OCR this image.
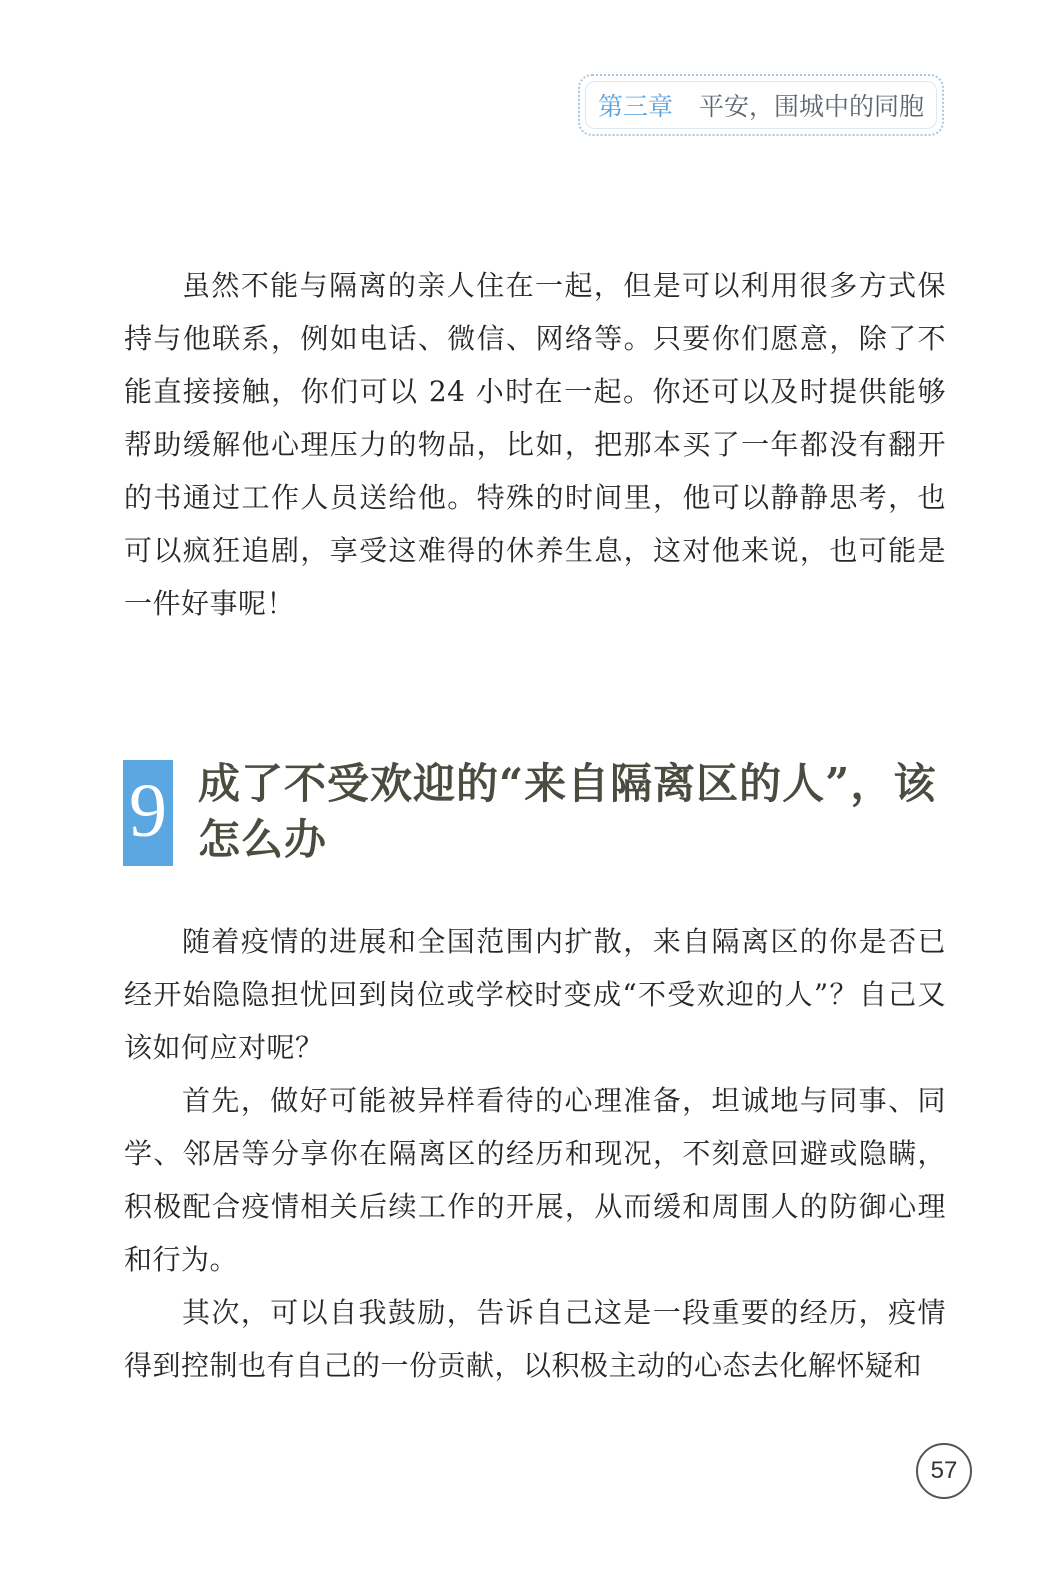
第三章 平安，围城中的同胞

虽然不能与隔离的亲人住在一起，但是可以利用很多方式保持与他联系，例如电话、微信、网络等。只要你们愿意，除了不能直接接触，你们可以 24 小时在一起。你还可以及时提供能够帮助缓解他心理压力的物品，比如，把那本买了一年都没有翻开的书通过工作人员送给他。特殊的时间里，他可以静静思考，也可以疯狂追剧，享受这难得的休养生息，这对他来说，也可能是一件好事呢！

9 成了不受欢迎的“来自隔离区的人”，该怎么办

随着疫情的进展和全国范围内扩散，来自隔离区的你是否已经开始隐隐担忧回到岗位或学校时变成“不受欢迎的人”？自己又该如何应对呢？

首先，做好可能被异样看待的心理准备，坦诚地与同事、同学、邻居等分享你在隔离区的经历和现况，不刻意回避或隐瞒，积极配合疫情相关后续工作的开展，从而缓和周围人的防御心理和行为。

其次，可以自我鼓励，告诉自己这是一段重要的经历，疫情得到控制也有自己的一份贡献，以积极主动的心态去化解怀疑和

57
